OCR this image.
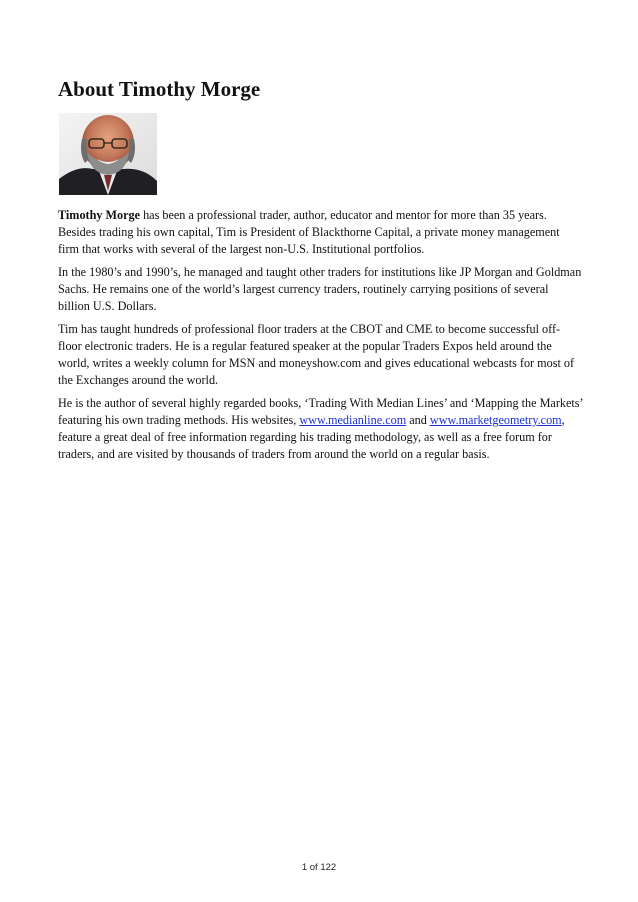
About Timothy Morge

Timothy Morge has been a professional trader, author, educator and mentor for more than 35 years. Besides trading his own capital, Tim is President of Blackthorne Capital, a private money management firm that works with several of the largest non-U.S. Institutional portfolios.

In the 1980’s and 1990’s, he managed and taught other traders for institutions like JP Morgan and Goldman Sachs. He remains one of the world’s largest currency traders, routinely carrying positions of several billion U.S. Dollars.

Tim has taught hundreds of professional floor traders at the CBOT and CME to become successful off-floor electronic traders. He is a regular featured speaker at the popular Traders Expos held around the world, writes a weekly column for MSN and moneyshow.com and gives educational webcasts for most of the Exchanges around the world.

He is the author of several highly regarded books, ‘Trading With Median Lines’ and ‘Mapping the Markets’ featuring his own trading methods. His websites, www.medianline.com and www.marketgeometry.com, feature a great deal of free information regarding his trading methodology, as well as a free forum for traders, and are visited by thousands of traders from around the world on a regular basis.

1 of 122
